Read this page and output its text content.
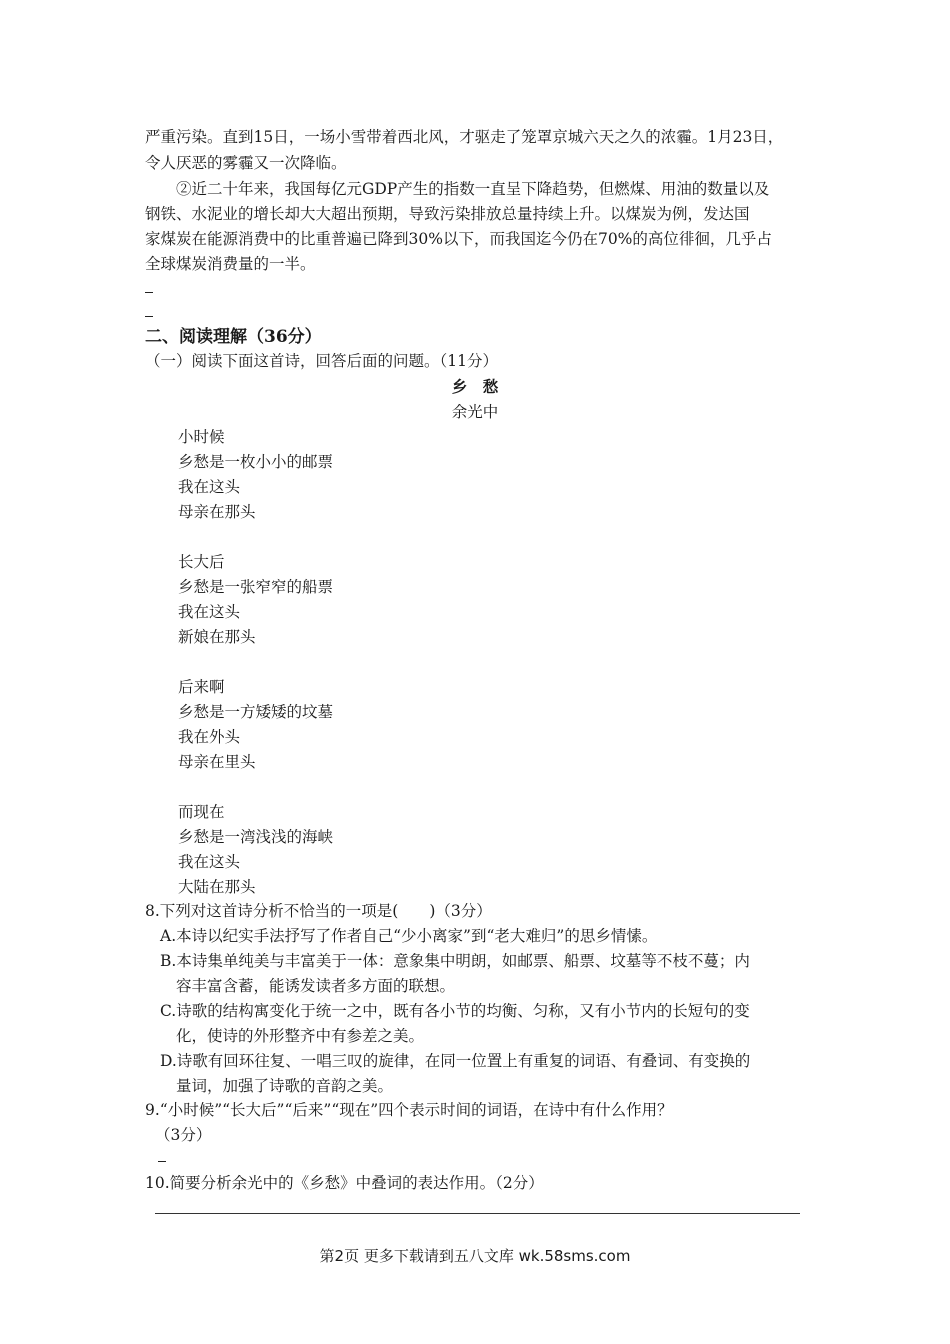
严重污染。直到15日，一场小雪带着西北风，才驱走了笼罩京城六天之久的浓霾。1月23日，
令人厌恶的雾霾又一次降临。
②近二十年来，我国每亿元GDP产生的指数一直呈下降趋势，但燃煤、用油的数量以及
钢铁、水泥业的增长却大大超出预期，导致污染排放总量持续上升。以煤炭为例，发达国
家煤炭在能源消费中的比重普遍已降到30%以下，而我国迄今仍在70%的高位徘徊，几乎占
全球煤炭消费量的一半。
二、阅读理解（36分）
（一）阅读下面这首诗，回答后面的问题。（11分）
乡　愁
余光中
小时候
乡愁是一枚小小的邮票
我在这头
母亲在那头
长大后
乡愁是一张窄窄的船票
我在这头
新娘在那头
后来啊
乡愁是一方矮矮的坟墓
我在外头
母亲在里头
而现在
乡愁是一湾浅浅的海峡
我在这头
大陆在那头
8.下列对这首诗分析不恰当的一项是(　　)（3分）
A.本诗以纪实手法抒写了作者自己“少小离家”到“老大难归”的思乡情愫。
B.本诗集单纯美与丰富美于一体：意象集中明朗，如邮票、船票、坟墓等不枝不蔓；内
容丰富含蓄，能诱发读者多方面的联想。
C.诗歌的结构寓变化于统一之中，既有各小节的均衡、匀称，又有小节内的长短句的变
化，使诗的外形整齐中有参差之美。
D.诗歌有回环往复、一唱三叹的旋律，在同一位置上有重复的词语、有叠词、有变换的
量词，加强了诗歌的音韵之美。
9.“小时候”“长大后”“后来”“现在”四个表示时间的词语，在诗中有什么作用？
（3分）
10.简要分析余光中的《乡愁》中叠词的表达作用。（2分）
第2页 更多下载请到五八文库 wk.58sms.com
